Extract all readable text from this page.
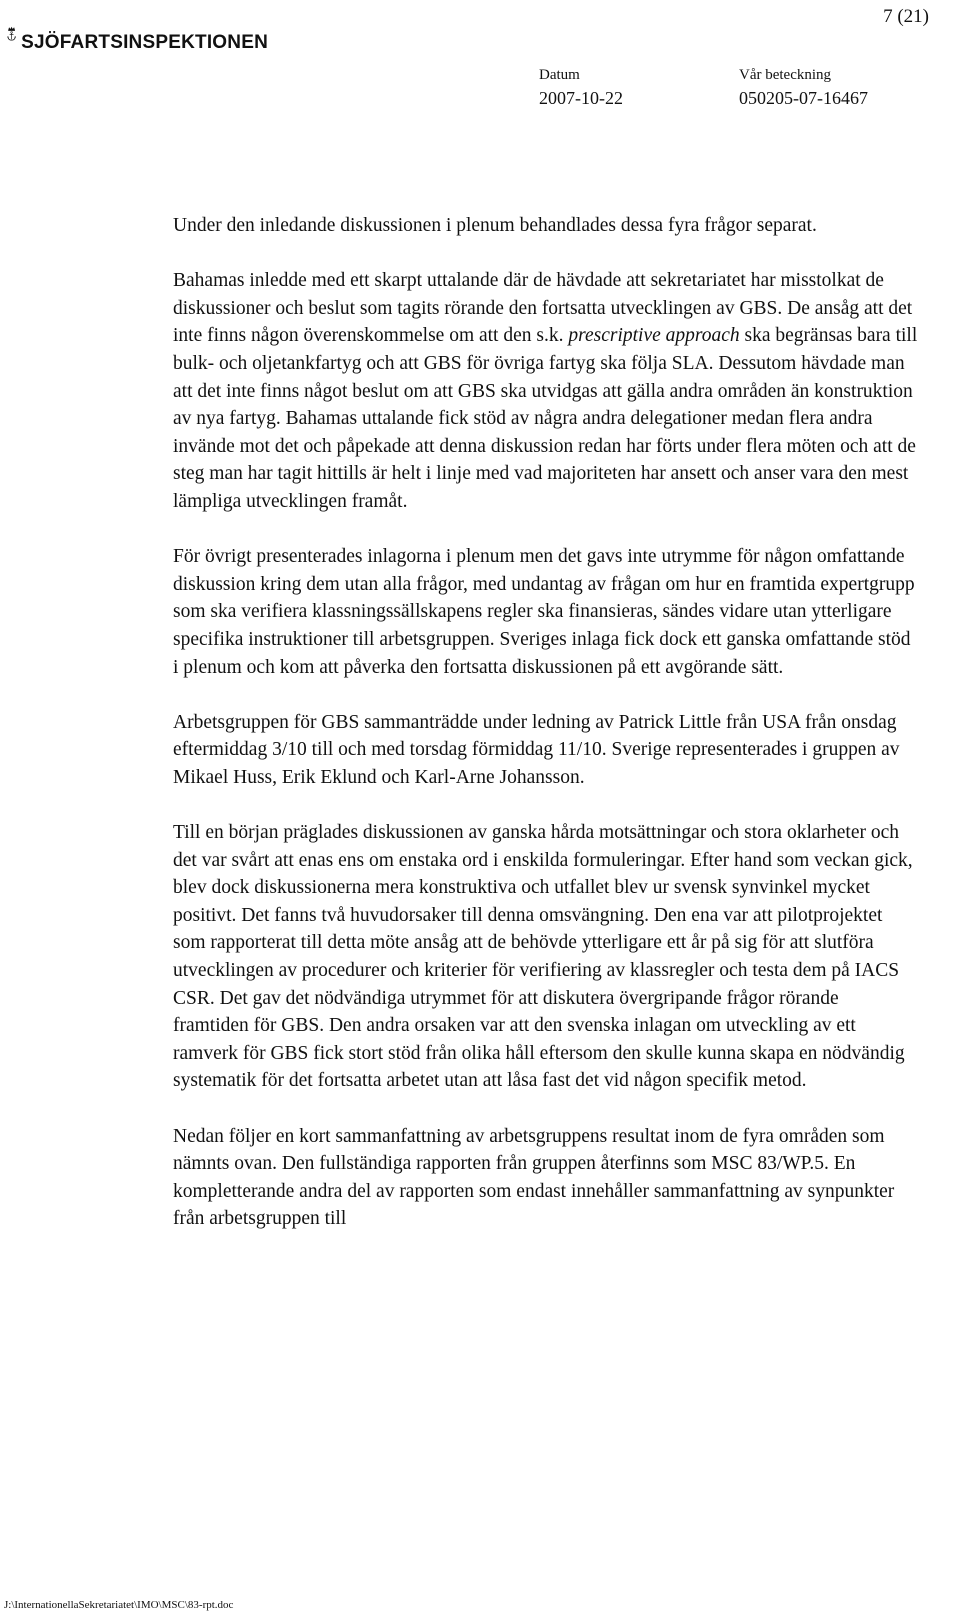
SJÖFARTSINSPEKTIONEN
7 (21)
Datum
2007-10-22
Vår beteckning
050205-07-16467

Under den inledande diskussionen i plenum behandlades dessa fyra frågor separat.

Bahamas inledde med ett skarpt uttalande där de hävdade att sekretariatet har misstolkat de diskussioner och beslut som tagits rörande den fortsatta utvecklingen av GBS. De ansåg att det inte finns någon överenskommelse om att den s.k. prescriptive approach ska begränsas bara till bulk- och oljetankfartyg och att GBS för övriga fartyg ska följa SLA. Dessutom hävdade man att det inte finns något beslut om att GBS ska utvidgas att gälla andra områden än konstruktion av nya fartyg. Bahamas uttalande fick stöd av några andra delegationer medan flera andra invände mot det och påpekade att denna diskussion redan har förts under flera möten och att de steg man har tagit hittills är helt i linje med vad majoriteten har ansett och anser vara den mest lämpliga utvecklingen framåt.

För övrigt presenterades inlagorna i plenum men det gavs inte utrymme för någon omfattande diskussion kring dem utan alla frågor, med undantag av frågan om hur en framtida expertgrupp som ska verifiera klassningssällskapens regler ska finansieras, sändes vidare utan ytterligare specifika instruktioner till arbetsgruppen. Sveriges inlaga fick dock ett ganska omfattande stöd i plenum och kom att påverka den fortsatta diskussionen på ett avgörande sätt.

Arbetsgruppen för GBS sammanträdde under ledning av Patrick Little från USA från onsdag eftermiddag 3/10 till och med torsdag förmiddag 11/10. Sverige representerades i gruppen av Mikael Huss, Erik Eklund och Karl-Arne Johansson.

Till en början präglades diskussionen av ganska hårda motsättningar och stora oklarheter och det var svårt att enas ens om enstaka ord i enskilda formuleringar. Efter hand som veckan gick, blev dock diskussionerna mera konstruktiva och utfallet blev ur svensk synvinkel mycket positivt. Det fanns två huvudorsaker till denna omsvängning. Den ena var att pilotprojektet som rapporterat till detta möte ansåg att de behövde ytterligare ett år på sig för att slutföra utvecklingen av procedurer och kriterier för verifiering av klassregler och testa dem på IACS CSR. Det gav det nödvändiga utrymmet för att diskutera övergripande frågor rörande framtiden för GBS. Den andra orsaken var att den svenska inlagan om utveckling av ett ramverk för GBS fick stort stöd från olika håll eftersom den skulle kunna skapa en nödvändig systematik för det fortsatta arbetet utan att låsa fast det vid någon specifik metod.

Nedan följer en kort sammanfattning av arbetsgruppens resultat inom de fyra områden som nämnts ovan. Den fullständiga rapporten från gruppen återfinns som MSC 83/WP.5. En kompletterande andra del av rapporten som endast innehåller sammanfattning av synpunkter från arbetsgruppen till

J:\InternationellaSekretariatet\IMO\MSC\83-rpt.doc
